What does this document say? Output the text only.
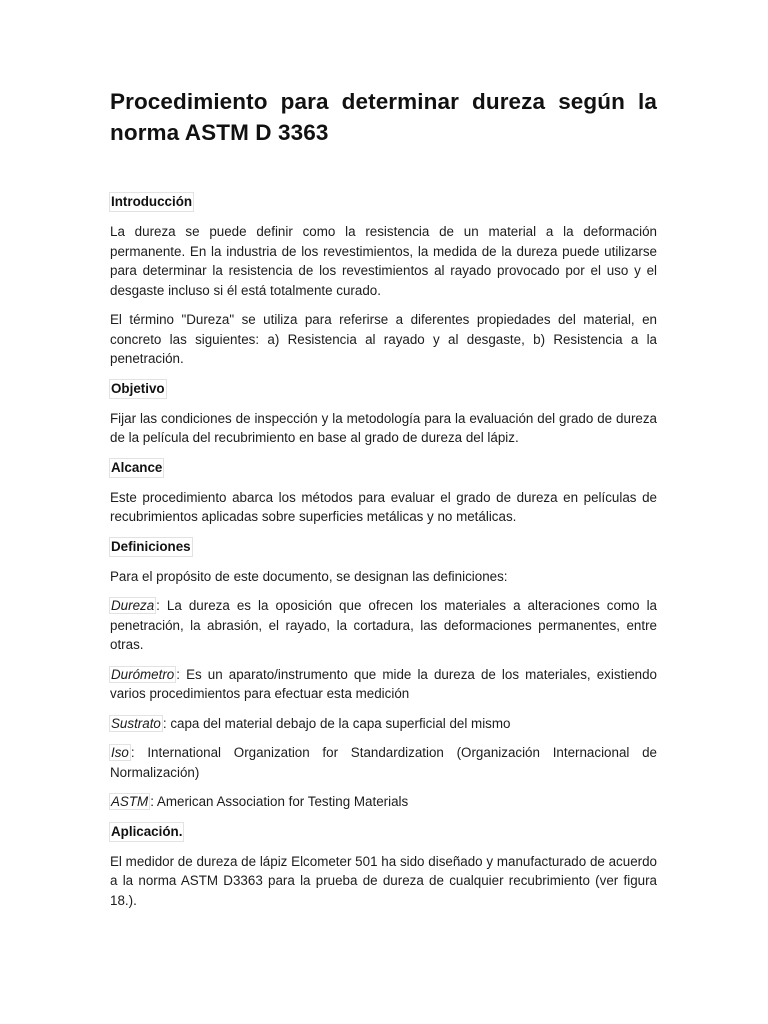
Procedimiento para determinar dureza según la norma ASTM D 3363
Introducción

La dureza se puede definir como la resistencia de un material a la deformación permanente. En la industria de los revestimientos, la medida de la dureza puede utilizarse para determinar la resistencia de los revestimientos al rayado provocado por el uso y el desgaste incluso si él está totalmente curado.

El término "Dureza" se utiliza para referirse a diferentes propiedades del material, en concreto las siguientes: a) Resistencia al rayado y al desgaste, b) Resistencia a la penetración.

Objetivo

Fijar las condiciones de inspección y la metodología para la evaluación del grado de dureza de la película del recubrimiento en base al grado de dureza del lápiz.

Alcance

Este procedimiento abarca los métodos para evaluar el grado de dureza en películas de recubrimientos aplicadas sobre superficies metálicas y no metálicas.

Definiciones

Para el propósito de este documento, se designan las definiciones:

Dureza : La dureza es la oposición que ofrecen los materiales a alteraciones como la penetración, la abrasión, el rayado, la cortadura, las deformaciones permanentes, entre otras.

Durómetro : Es un aparato/instrumento que mide la dureza de los materiales, existiendo varios procedimientos para efectuar esta medición

Sustrato : capa del material debajo de la capa superficial del mismo

Iso : International Organization for Standardization (Organización Internacional de Normalización)

ASTM : American Association for Testing Materials

Aplicación.

El medidor de dureza de lápiz Elcometer 501 ha sido diseñado y manufacturado de acuerdo a la norma ASTM D3363 para la prueba de dureza de cualquier recubrimiento (ver figura 18.).
